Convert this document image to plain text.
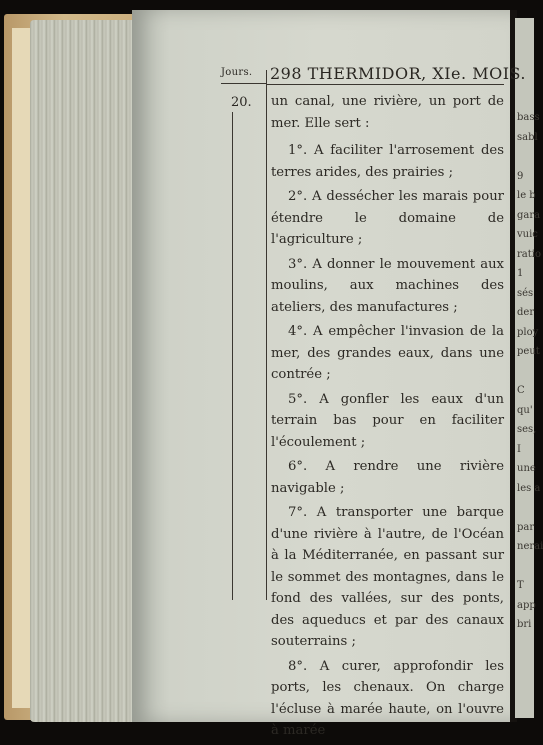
bass
sabl

9
le b
gara
vuic
ratio
1
sés
der
ploy
peut

C
qu'
ses,
I
une
les a

par
nerai

T
app
bri
Jours.
20.
298 THERMIDOR, XIe. MOIS.

un canal, une rivière, un port de mer. Elle sert :

1°. A faciliter l'arrosement des terres arides, des prairies ;

2°. A dessécher les marais pour étendre le domaine de l'agriculture ;

3°. A donner le mouvement aux moulins, aux machines des ateliers, des manufactures ;

4°. A empêcher l'invasion de la mer, des grandes eaux, dans une contrée ;

5°. A gonfler les eaux d'un terrain bas pour en faciliter l'écoulement ;

6°. A rendre une rivière navigable ;

7°. A transporter une barque d'une rivière à l'autre, de l'Océan à la Méditerranée, en passant sur le sommet des montagnes, dans le fond des vallées, sur des ponts, des aqueducs et par des canaux souterrains ;

8°. A curer, approfondir les ports, les chenaux. On charge l'écluse à marée haute, on l'ouvre à marée
